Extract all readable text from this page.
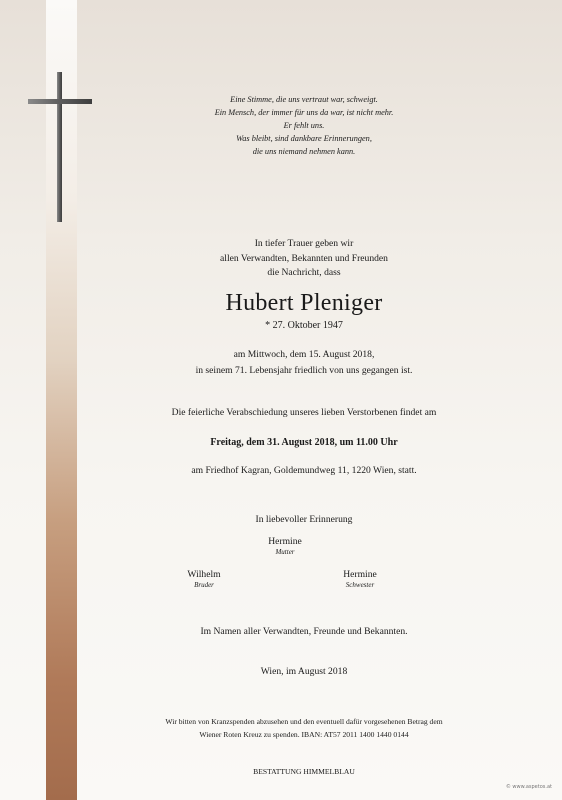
Eine Stimme, die uns vertraut war, schweigt.
Ein Mensch, der immer für uns da war, ist nicht mehr.
Er fehlt uns.
Was bleibt, sind dankbare Erinnerungen,
die uns niemand nehmen kann.
In tiefer Trauer geben wir
allen Verwandten, Bekannten und Freunden
die Nachricht, dass
Hubert Pleniger
* 27. Oktober 1947
am Mittwoch, dem 15. August 2018,
in seinem 71. Lebensjahr friedlich von uns gegangen ist.
Die feierliche Verabschiedung unseres lieben Verstorbenen findet am
Freitag, dem 31. August 2018, um 11.00 Uhr
am Friedhof Kagran, Goldemundweg 11, 1220 Wien, statt.
In liebevoller Erinnerung
Hermine
Mutter
Wilhelm
Bruder
Hermine
Schwester
Im Namen aller Verwandten, Freunde und Bekannten.
Wien, im August 2018
Wir bitten von Kranzspenden abzusehen und den eventuell dafür vorgesehenen Betrag dem
Wiener Roten Kreuz zu spenden. IBAN: AT57 2011 1400 1440 0144
BESTATTUNG HIMMELBLAU
© www.aspetos.at
